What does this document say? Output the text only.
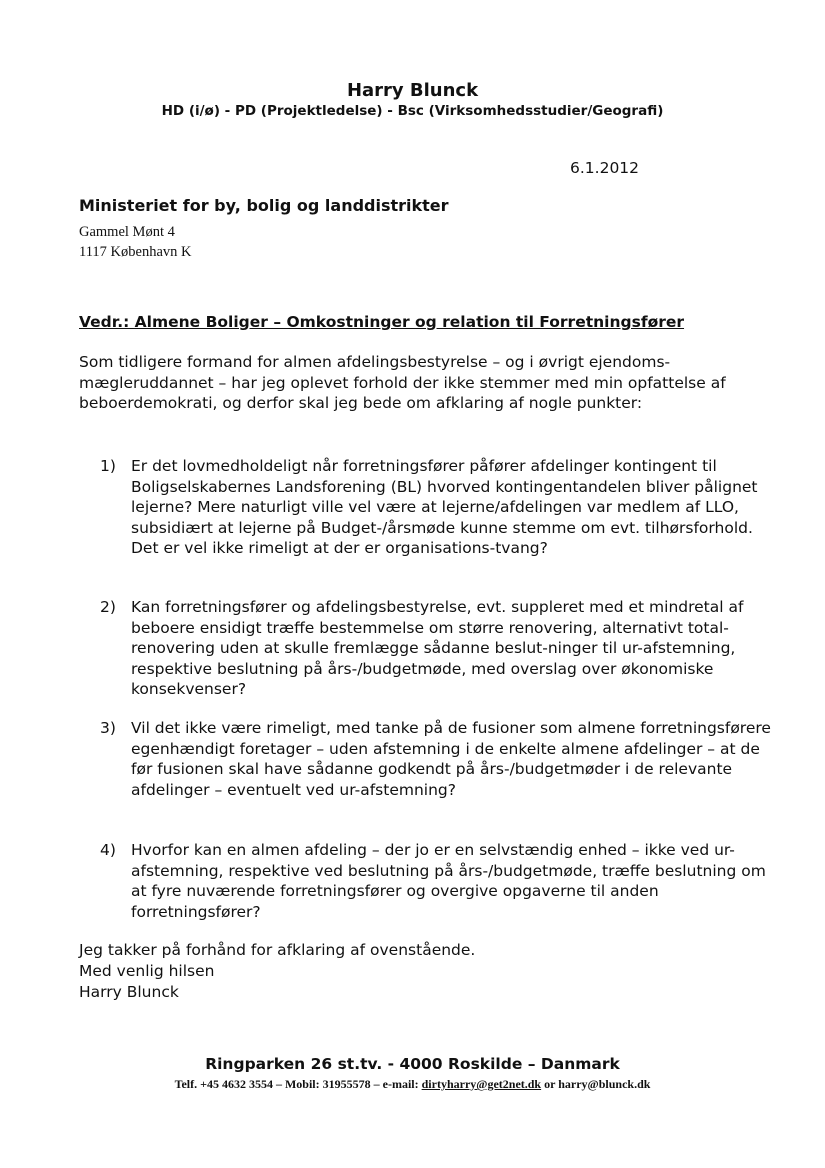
Harry Blunck
HD (i/ø) - PD (Projektledelse) - Bsc (Virksomhedsstudier/Geografi)
6.1.2012
Ministeriet for by, bolig og landdistrikter
Gammel Mønt 4
1117 København K
Vedr.: Almene Boliger – Omkostninger og relation til Forretningsfører
Som tidligere formand for almen afdelingsbestyrelse – og i øvrigt ejendoms-mægleruddannet – har jeg oplevet forhold der ikke stemmer med min opfattelse af beboerdemokrati, og derfor skal jeg bede om afklaring af nogle punkter:
1) Er det lovmedholdeligt når forretningsfører påfører afdelinger kontingent til Boligselskabernes Landsforening (BL) hvorved kontingentandelen bliver pålignet lejerne? Mere naturligt ville vel være at lejerne/afdelingen var medlem af LLO, subsidiært at lejerne på Budget-/årsmøde kunne stemme om evt. tilhørsforhold. Det er vel ikke rimeligt at der er organisations-tvang?
2) Kan forretningsfører og afdelingsbestyrelse, evt. suppleret med et mindretal af beboere ensidigt træffe bestemmelse om større renovering, alternativt total-renovering uden at skulle fremlægge sådanne beslut-ninger til ur-afstemning, respektive beslutning på års-/budgetmøde, med overslag over økonomiske konsekvenser?
3) Vil det ikke være rimeligt, med tanke på de fusioner som almene forretningsførere egenhændigt foretager – uden afstemning i de enkelte almene afdelinger – at de før fusionen skal have sådanne godkendt på års-/budgetmøder i de relevante afdelinger – eventuelt ved ur-afstemning?
4) Hvorfor kan en almen afdeling – der jo er en selvstændig enhed – ikke ved ur-afstemning, respektive ved beslutning på års-/budgetmøde, træffe beslutning om at fyre nuværende forretningsfører og overgive opgaverne til anden forretningsfører?
Jeg takker på forhånd for afklaring af ovenstående.
Med venlig hilsen
Harry Blunck
Ringparken 26 st.tv. - 4000 Roskilde – Danmark
Telf. +45 4632 3554 – Mobil: 31955578 – e-mail: dirtyharry@get2net.dk or harry@blunck.dk
